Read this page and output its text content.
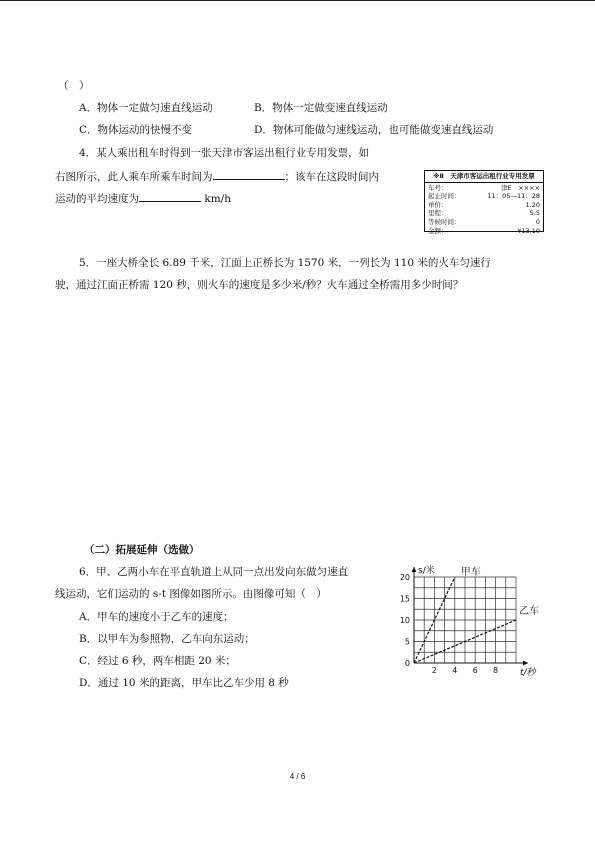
（　）
A．物体一定做匀速直线运动	B．物体一定做变速直线运动
C．物体运动的快慢不变	D．物体可能做匀速线运动，也可能做变速直线运动
4．某人乘出租车时得到一张天津市客运出租行业专用发票，如
右图所示，此人乘车所乘车时间为	；该车在这段时间内
运动的平均速度为	km/h
※Ⅱ　天津市客运出租行业专用发票
车号：	津E　××××
起止时间：	11：05—11：28
单价：	1.20
里程：	5.5
等候时间：	0
金额：	¥13.10
5．一座大桥全长 6.89 千米，江面上正桥长为 1570 米，一列长为 110 米的火车匀速行
驶，通过江面正桥需 120 秒，则火车的速度是多少米/秒？火车通过全桥需用多少时间？
（二）拓展延伸（选做）
6．甲、乙两小车在平直轨道上从同一点出发向东做匀速直
线运动，它们运动的 s-t 图像如图所示。由图像可知（　）
A．甲车的速度小于乙车的速度；
B．以甲车为参照物，乙车向东运动；
C．经过 6 秒，两车相距 20 米；
D．通过 10 米的距离，甲车比乙车少用 8 秒
0
5
10
15
20
2 4 6 8
s/米
t/秒
甲车
乙车
4 / 6
